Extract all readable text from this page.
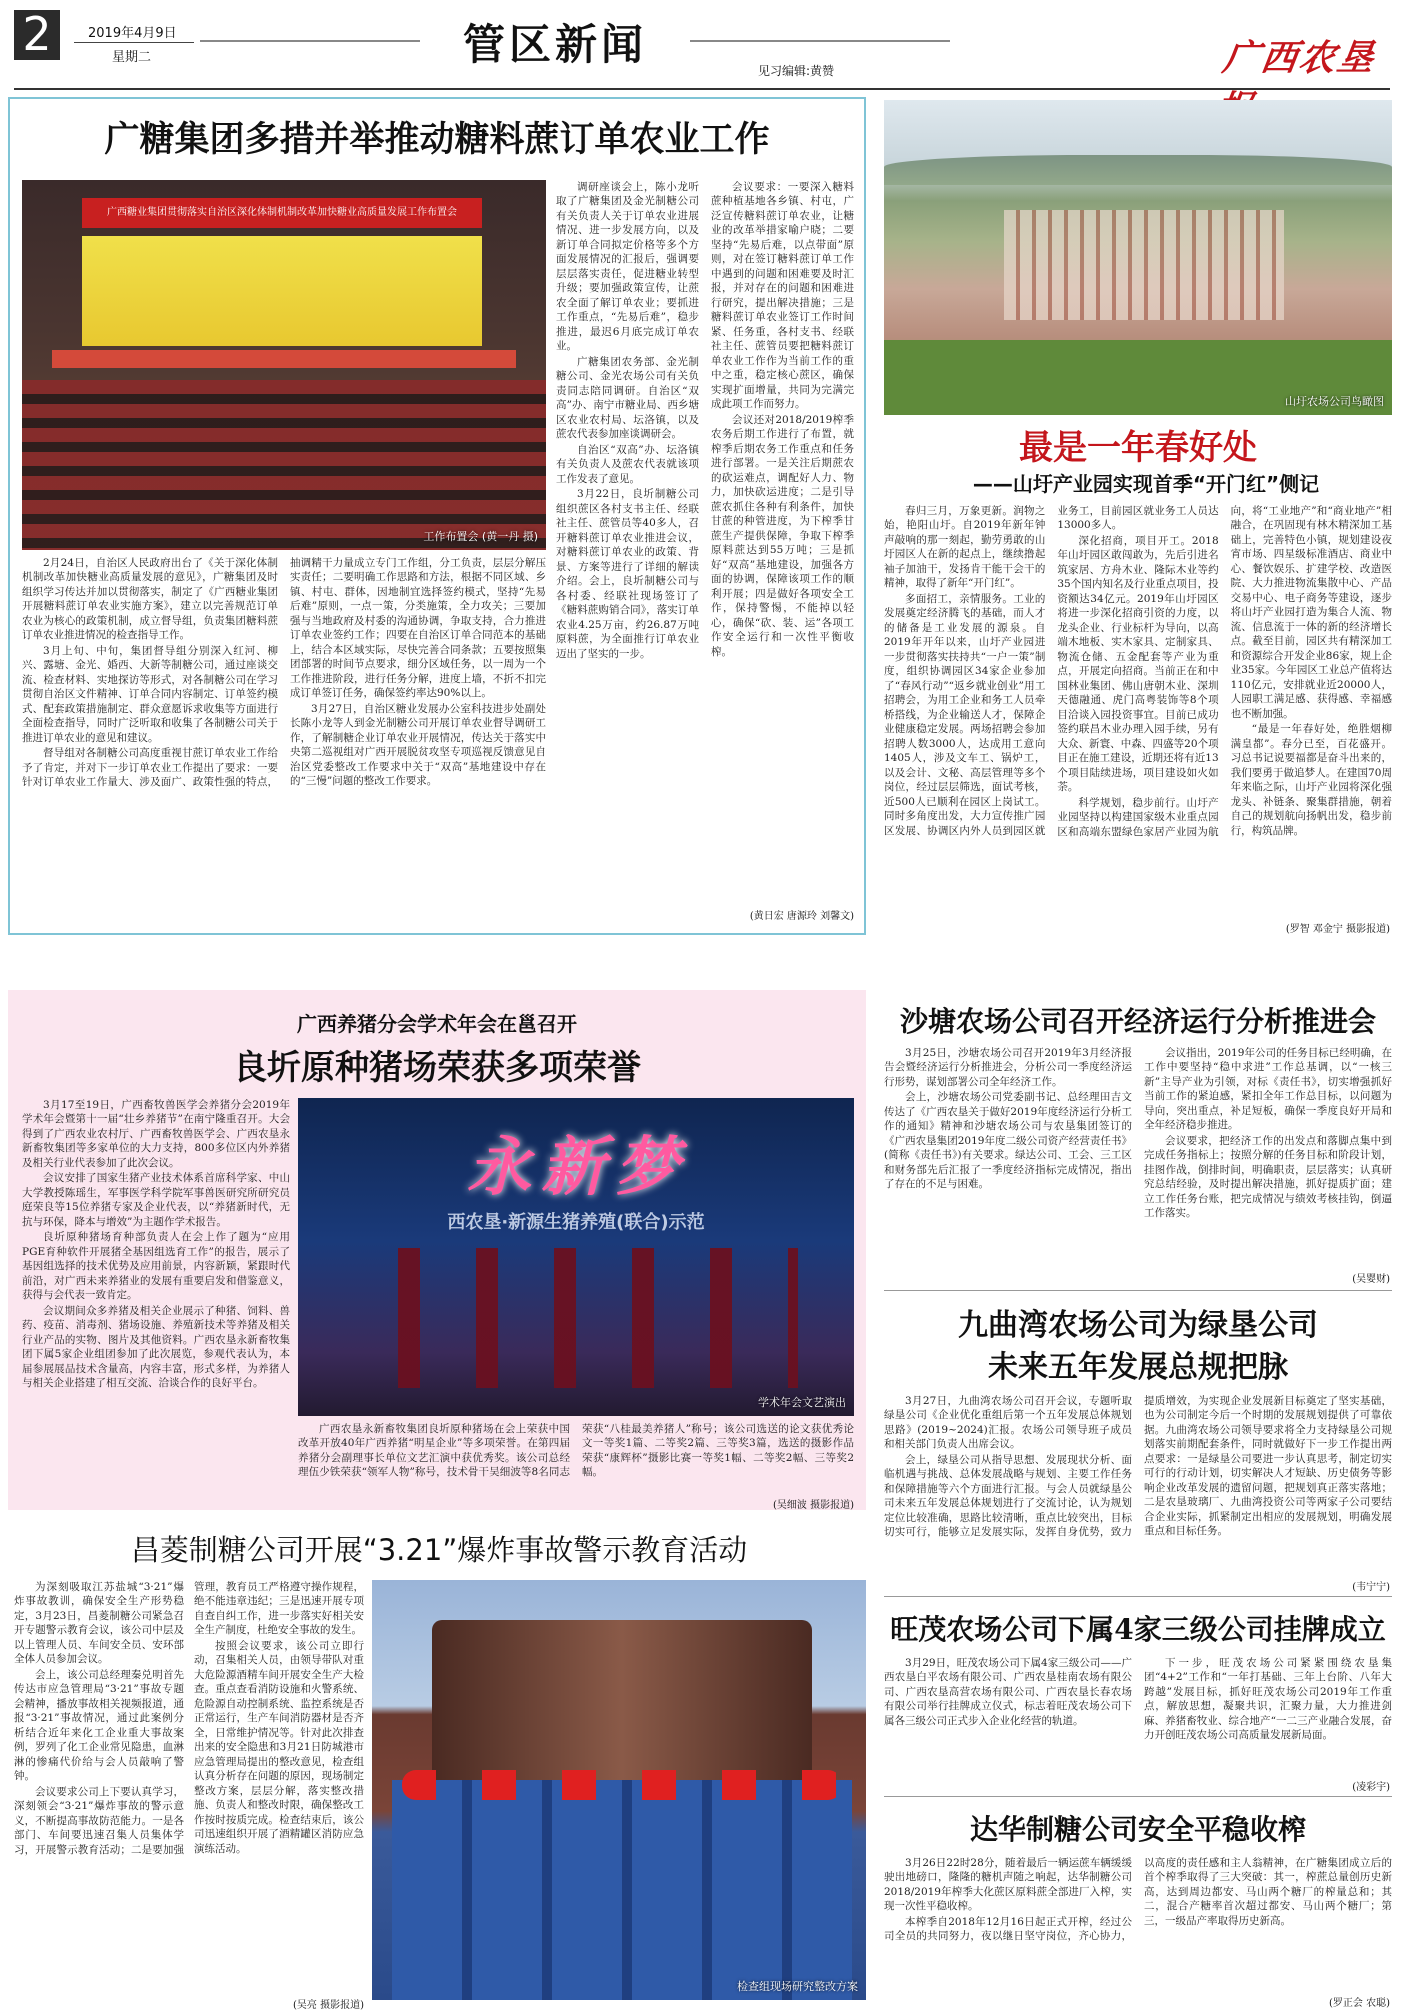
2	2019年4月9日
星期二	管区新闻
见习编辑:黄赞	广西农垦报
广糖集团多措并举推动糖料蔗订单农业工作
广西糖业集团贯彻落实自治区深化体制机制改革加快糖业高质量发展工作布置会
工作布置会 (黄一丹 摄)

2月24日，自治区人民政府出台了《关于深化体制机制改革加快糖业高质量发展的意见》，广糖集团及时组织学习传达并加以贯彻落实，制定了《广西糖业集团开展糖料蔗订单农业实施方案》，建立以完善规范订单农业为核心的政策机制，成立督导组，负责集团糖料蔗订单农业推进情况的检查指导工作。

3月上旬、中旬，集团督导组分别深入红河、柳兴、露塘、金光、婚西、大新等制糖公司，通过座谈交流、检查材料、实地探访等形式，对各制糖公司在学习贯彻自治区文件精神、订单合同内容制定、订单签约模式、配套政策措施制定、群众意愿诉求收集等方面进行全面检查指导，同时广泛听取和收集了各制糖公司关于推进订单农业的意见和建议。

督导组对各制糖公司高度重视甘蔗订单农业工作给予了肯定，并对下一步订单农业工作提出了要求：一要针对订单农业工作量大、涉及面广、政策性强的特点，抽调精干力量成立专门工作组，分工负责，层层分解压实责任；二要明确工作思路和方法，根据不同区域、乡镇、村屯、群体，因地制宜选择签约模式，坚持“先易后难”原则，一点一策，分类施策，全力攻关；三要加强与当地政府及村委的沟通协调，争取支持，合力推进订单农业签约工作；四要在自治区订单合同范本的基础上，结合本区域实际，尽快完善合同条款；五要按照集团部署的时间节点要求，细分区域任务，以一周为一个工作推进阶段，进行任务分解，进度上墙，不折不扣完成订单签订任务，确保签约率达90%以上。

3月27日，自治区糖业发展办公室科技进步处副处长陈小龙等人到金光制糖公司开展订单农业督导调研工作，了解制糖企业订单农业开展情况，传达关于落实中央第二巡视组对广西开展脱贫攻坚专项巡视反馈意见自治区党委整改工作要求中关于“双高”基地建设中存在的“三慢”问题的整改工作要求。

调研座谈会上，陈小龙听取了广糖集团及金光制糖公司有关负责人关于订单农业进展情况、进一步发展方向，以及新订单合同拟定价格等多个方面发展情况的汇报后，强调要层层落实责任，促进糖业转型升级；要加强政策宣传，让蔗农全面了解订单农业；要抓进工作重点，“先易后难”，稳步推进，最迟6月底完成订单农业。

广糖集团农务部、金光制糖公司、金光农场公司有关负责同志陪同调研。自治区“双高”办、南宁市糖业局、西乡塘区农业农村局、坛洛镇，以及蔗农代表参加座谈调研会。

自治区“双高”办、坛洛镇有关负责人及蔗农代表就该项工作发表了意见。

3月22日，良圻制糖公司组织蔗区各村支书主任、经联社主任、蔗管员等40多人，召开糖料蔗订单农业推进会议，对糖料蔗订单农业的政策、背景、方案等进行了详细的解读介绍。会上，良圻制糖公司与各村委、经联社现场签订了《糖料蔗购销合同》，落实订单农业4.25万亩，约26.87万吨原料蔗，为全面推行订单农业迈出了坚实的一步。

会议要求：一要深入糖料蔗种植基地各乡镇、村屯，广泛宣传糖料蔗订单农业，让糖业的改革举措家喻户晓；二要坚持“先易后难，以点带面”原则，对在签订糖料蔗订单工作中遇到的问题和困难要及时汇报，并对存在的问题和困难进行研究，提出解决措施；三是糖料蔗订单农业签订工作时间紧、任务重，各村支书、经联社主任、蔗管员要把糖料蔗订单农业工作作为当前工作的重中之重，稳定核心蔗区，确保实现扩面增量，共同为完满完成此项工作而努力。

会议还对2018/2019榨季农务后期工作进行了布置，就榨季后期农务工作重点和任务进行部署。一是关注后期蔗农的砍运难点，调配好人力、物力，加快砍运进度；二是引导蔗农抓住各种有利条件，加快甘蔗的种管进度，为下榨季甘蔗生产提供保障，争取下榨季原料蔗达到55万吨；三是抓好“双高”基地建设，加强各方面的协调，保障该项工作的顺利开展；四是做好各项安全工作，保持警惕，不能掉以轻心，确保“砍、装、运”各项工作安全运行和一次性平衡收榨。

(黄日宏 唐源玲 刘馨文)
山圩农场公司鸟瞰图
最是一年春好处
——山圩产业园实现首季“开门红”侧记

春归三月，万象更新。润物之始，艳阳山圩。自2019年新年钟声敲响的那一刻起，勤劳勇敢的山圩园区人在新的起点上，继续撸起袖子加油干，发扬肯干能干会干的精神，取得了新年“开门红”。

多面招工，亲情服务。工业的发展奠定经济腾飞的基础，而人才的储备是工业发展的源泉。自2019年开年以来，山圩产业园进一步贯彻落实扶持共“一户一策”制度，组织协调园区34家企业参加了“春风行动”“返乡就业创业”用工招聘会，为用工企业和务工人员牵桥搭线，为企业输送人才，保障企业健康稳定发展。两场招聘会参加招聘人数3000人，达成用工意向1405人，涉及文车工、锅炉工，以及会计、文秘、高层管理等多个岗位，经过层层筛选，面试考核，近500人已顺利在园区上岗试工。同时多角度出发，大力宣传推广园区发展、协调区内外人员到园区就业务工，目前园区就业务工人员达13000多人。

深化招商，项目开工。2018年山圩园区敢闯敢为，先后引进名筑家居、方舟木业、隆际木业等约35个国内知名及行业重点项目，投资额达34亿元。2019年山圩园区将进一步深化招商引资的力度，以龙头企业、行业标杆为导向，以高端木地板、实木家具、定制家具、物流仓储、五金配套等产业为重点，开展定向招商。当前正在和中国林业集团、佛山唐朝木业、深圳天德融通、虎门高粤装饰等8个项目洽谈入园投资事宜。目前已成功签约联昌木业办理入园手续，另有大众、新寰、中森、四盛等20个项目正在施工建设，近期还将有近13个项目陆续进场，项目建设如火如荼。

科学规划，稳步前行。山圩产业园坚持以构建国家级木业重点园区和高端东盟绿色家居产业园为航向，将“工业地产”和“商业地产”相融合，在巩固现有林木精深加工基础上，完善特色小镇，规划建设夜宵市场、四星级标准酒店、商业中心、餐饮娱乐、扩建学校、改造医院、大力推进物流集散中心、产品交易中心、电子商务等建设，逐步将山圩产业园打造为集合人流、物流、信息流于一体的新的经济增长点。截至目前，园区共有精深加工和资源综合开发企业86家，规上企业35家。今年园区工业总产值将达110亿元，安排就业近20000人，人园职工满足感、获得感、幸福感也不断加强。

“最是一年春好处，绝胜烟柳满皇都”。春分已至，百花盛开。习总书记说要福都是奋斗出来的，我们要勇于做追梦人。在建国70周年来临之际，山圩产业园将深化强龙头、补链条、聚集群措施，朝着自己的规划航向扬帆出发，稳步前行，构筑品牌。

(罗智 邓金宁 摄影报道)
广西养猪分会学术年会在邕召开
良圻原种猪场荣获多项荣誉

3月17至19日，广西畜牧兽医学会养猪分会2019年学术年会暨第十一届“壮乡养猪节”在南宁隆重召开。大会得到了广西农业农村厅、广西畜牧兽医学会、广西农垦永新畜牧集团等多家单位的大力支持，800多位区内外养猪及相关行业代表参加了此次会议。

会议安排了国家生猪产业技术体系首席科学家、中山大学教授陈瑶生，军事医学科学院军事兽医研究所研究员庭荣良等15位养猪专家及企业代表，以“养猪新时代，无抗与环保，降本与增效”为主题作学术报告。

良圻原种猪场育种部负责人在会上作了题为“应用PGE育种软件开展猪全基因组选育工作”的报告，展示了基因组选择的技术优势及应用前景，内容新颖，紧跟时代前沿，对广西未来养猪业的发展有重要启发和借鉴意义，获得与会代表一致肯定。

会议期间众多养猪及相关企业展示了种猪、饲料、兽药、疫苗、消毒剂、猪场设施、养殖新技术等养猪及相关行业产品的实物、图片及其他资料。广西农垦永新畜牧集团下属5家企业组团参加了此次展览，参观代表认为，本届参展展品技术含量高，内容丰富，形式多样，为养猪人与相关企业搭建了相互交流、洽谈合作的良好平台。

永新梦
西农垦·新源生猪养殖(联合)示范
学术年会文艺演出

广西农垦永新畜牧集团良圻原种猪场在会上荣获中国改革开放40年广西养猪“明星企业”等多项荣誉。在第四届养猪分会副理事长单位文艺汇演中获优秀奖。该公司总经理伍少铁荣获“领军人物”称号，技术骨干吴细波等8名同志荣获“八桂最美养猪人”称号；该公司选送的论文获优秀论文一等奖1篇、二等奖2篇、三等奖3篇，选送的摄影作品荣获“康辉杯”摄影比赛一等奖1幅、二等奖2幅、三等奖2幅。

(吴细波 摄影报道)
沙塘农场公司召开经济运行分析推进会

3月25日，沙塘农场公司召开2019年3月经济报告会暨经济运行分析推进会，分析公司一季度经济运行形势，谋划部署公司全年经济工作。

会上，沙塘农场公司党委副书记、总经理田吉文传达了《广西农垦关于做好2019年度经济运行分析工作的通知》精神和沙塘农场公司与农垦集团签订的《广西农垦集团2019年度二级公司资产经营责任书》(简称《责任书》)有关要求。绿达公司、工会、三工区和财务部先后汇报了一季度经济指标完成情况，指出了存在的不足与困难。

会议指出，2019年公司的任务目标已经明确，在工作中要坚持“稳中求进”工作总基调，以“一核三新”主导产业为引领，对标《责任书》，切实增强抓好当前工作的紧迫感，紧扣全年工作总目标，以问题为导向，突出重点，补足短板，确保一季度良好开局和全年经济稳步推进。

会议要求，把经济工作的出发点和落脚点集中到完成任务指标上；按照分解的任务目标和阶段计划，挂图作战，倒排时间，明确职责，层层落实；认真研究总结经验，及时提出解决措施，抓好提质扩面；建立工作任务台账，把完成情况与绩效考核挂钩，倒逼工作落实。

(吴婴财)
九曲湾农场公司为绿垦公司
未来五年发展总规把脉

3月27日，九曲湾农场公司召开会议，专题听取绿垦公司《企业优化重组后第一个五年发展总体规划思路》(2019~2024)汇报。农场公司领导班子成员和相关部门负责人出席会议。

会上，绿垦公司从指导思想、发展现状分析、面临机遇与挑战、总体发展战略与规划、主要工作任务和保障措施等六个方面进行汇报。与会人员就绿垦公司未来五年发展总体规划进行了交流讨论，认为规划定位比较准确，思路比较清晰，重点比较突出，目标切实可行，能够立足发展实际，发挥自身优势，致力提质增效，为实现企业发展新目标奠定了坚实基础，也为公司制定今后一个时期的发展规划提供了可靠依据。九曲湾农场公司领导要求将全力支持绿垦公司规划落实前期配套条件，同时就做好下一步工作提出两点要求：一是绿垦公司要进一步认真思考，制定切实可行的行动计划，切实解决人才短缺、历史债务等影响企业改革发展的遗留问题，把规划真正落实落地；二是农垦玻璃厂、九曲湾投资公司等两家子公司要结合企业实际，抓紧制定出相应的发展规划，明确发展重点和目标任务。

(韦宁宁)
昌菱制糖公司开展“3.21”爆炸事故警示教育活动

为深刻吸取江苏盐城“3·21”爆炸事故教训，确保安全生产形势稳定，3月23日，昌菱制糖公司紧急召开专题警示教育会议，该公司中层及以上管理人员、车间安全员、安环部全体人员参加会议。

会上，该公司总经理秦兑明首先传达市应急管理局“3·21”事故专题会精神，播放事故相关视频报道，通报“3·21”事故情况，通过此案例分析结合近年来化工企业重大事故案例，罗列了化工企业常见隐患，血淋淋的惨痛代价给与会人员敲响了警钟。

会议要求公司上下要认真学习，深刻领会“3·21”爆炸事故的警示意义，不断提高事故防范能力。一是各部门、车间要迅速召集人员集体学习，开展警示教育活动；二是要加强管理，教育员工严格遵守操作规程，绝不能违章违纪；三是迅速开展专项自查自纠工作，进一步落实好相关安全生产制度，杜绝安全事故的发生。

按照会议要求，该公司立即行动，召集相关人员，由领导带队对重大危险源酒精车间开展安全生产大检查。重点查看消防设施和火警系统、危险源自动控制系统、监控系统是否正常运行，生产车间消防器材是否齐全，日常维护情况等。针对此次排查出来的安全隐患和3月21日防城港市应急管理局提出的整改意见，检查组认真分析存在问题的原因，现场制定整改方案，层层分解，落实整改措施、负责人和整改时限，确保整改工作按时按质完成。检查结束后，该公司迅速组织开展了酒精罐区消防应急演练活动。

(吴亮 摄影报道)
检查组现场研究整改方案
旺茂农场公司下属4家三级公司挂牌成立

3月29日，旺茂农场公司下属4家三级公司——广西农垦白平农场有限公司、广西农垦桂南农场有限公司、广西农垦高营农场有限公司、广西农垦长春农场有限公司举行挂牌成立仪式，标志着旺茂农场公司下属各三级公司正式步入企业化经营的轨道。

下一步，旺茂农场公司紧紧围绕农垦集团“4+2”工作和“一年打基础、三年上台阶、八年大跨越”发展目标，抓好旺茂农场公司2019年工作重点，解放思想，凝聚共识，汇聚力量，大力推进剑麻、养猪畜牧业、综合地产“一二三产业融合发展，奋力开创旺茂农场公司高质量发展新局面。

(凌彩宇)
达华制糖公司安全平稳收榨

3月26日22时28分，随着最后一辆运蔗车辆缓缓驶出地磅口，隆隆的糖机声随之响起，达华制糖公司2018/2019年榨季大化蔗区原料蔗全部进厂入榨，实现一次性平稳收榨。

本榨季自2018年12月16日起正式开榨，经过公司全员的共同努力，夜以继日坚守岗位，齐心协力，以高度的责任感和主人翁精神，在广糖集团成立后的首个榨季取得了三大突破：其一，榨蔗总量创历史新高，达到周边都安、马山两个糖厂的榨量总和；其二，混合产糖率首次超过都安、马山两个糖厂；第三，一级品产率取得历史新高。

(罗正会 农聪)
